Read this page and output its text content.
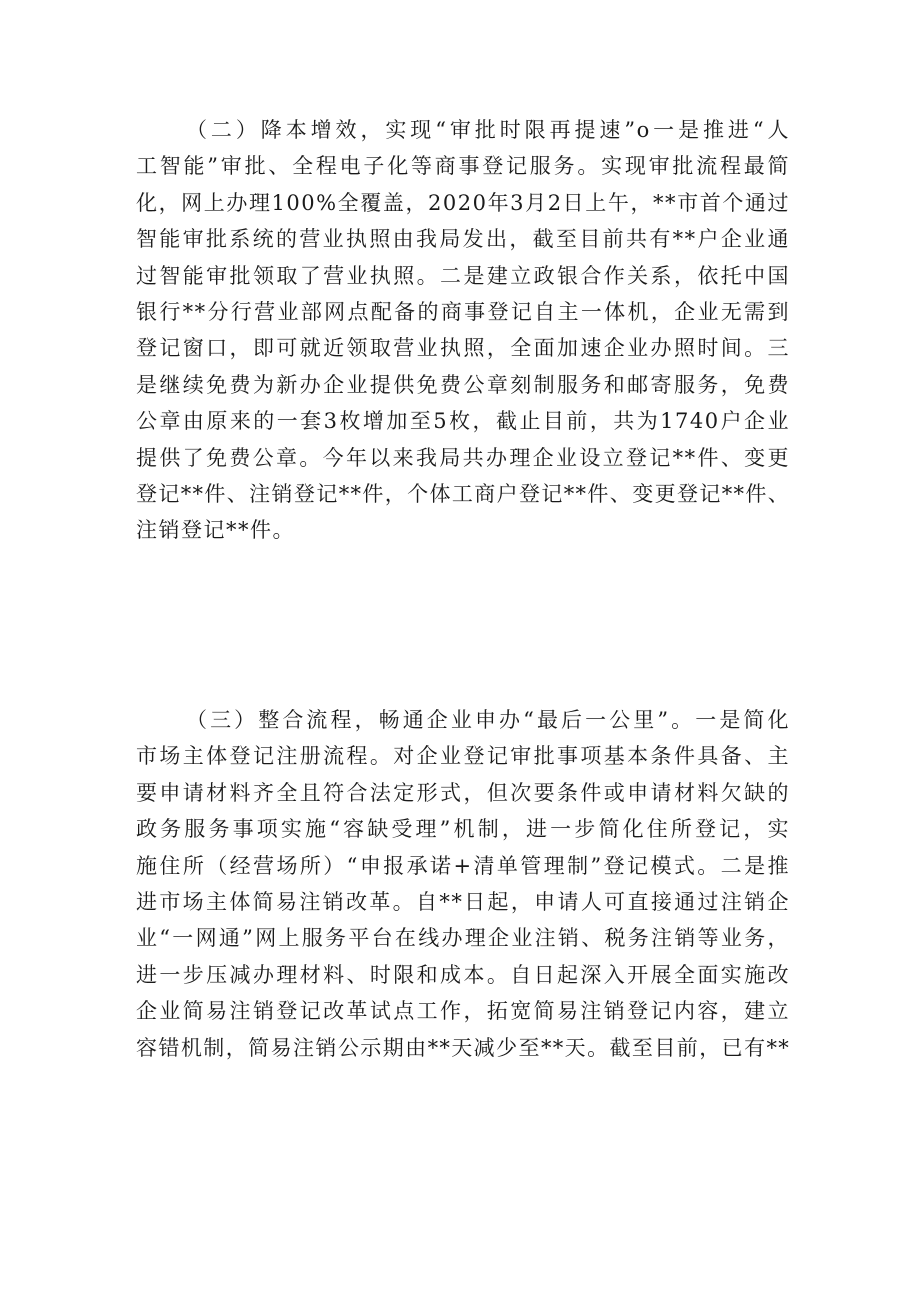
（二）降本增效，实现“审批时限再提速”o一是推进“人
工智能”审批、全程电子化等商事登记服务。实现审批流程最简
化，网上办理100%全覆盖，2020年3月2日上午，**市首个通过
智能审批系统的营业执照由我局发出，截至目前共有**户企业通
过智能审批领取了营业执照。二是建立政银合作关系，依托中国
银行**分行营业部网点配备的商事登记自主一体机，企业无需到
登记窗口，即可就近领取营业执照，全面加速企业办照时间。三
是继续免费为新办企业提供免费公章刻制服务和邮寄服务，免费
公章由原来的一套3枚增加至5枚，截止目前，共为1740户企业
提供了免费公章。今年以来我局共办理企业设立登记**件、变更
登记**件、注销登记**件，个体工商户登记**件、变更登记**件、
注销登记**件。
（三）整合流程，畅通企业申办“最后一公里”。一是简化
市场主体登记注册流程。对企业登记审批事项基本条件具备、主
要申请材料齐全且符合法定形式，但次要条件或申请材料欠缺的
政务服务事项实施“容缺受理”机制，进一步简化住所登记，实
施住所（经营场所）“申报承诺+清单管理制”登记模式。二是推
进市场主体简易注销改革。自**日起，申请人可直接通过注销企
业“一网通”网上服务平台在线办理企业注销、税务注销等业务，
进一步压减办理材料、时限和成本。自日起深入开展全面实施改
企业简易注销登记改革试点工作，拓宽简易注销登记内容，建立
容错机制，简易注销公示期由**天减少至**天。截至目前，已有**
